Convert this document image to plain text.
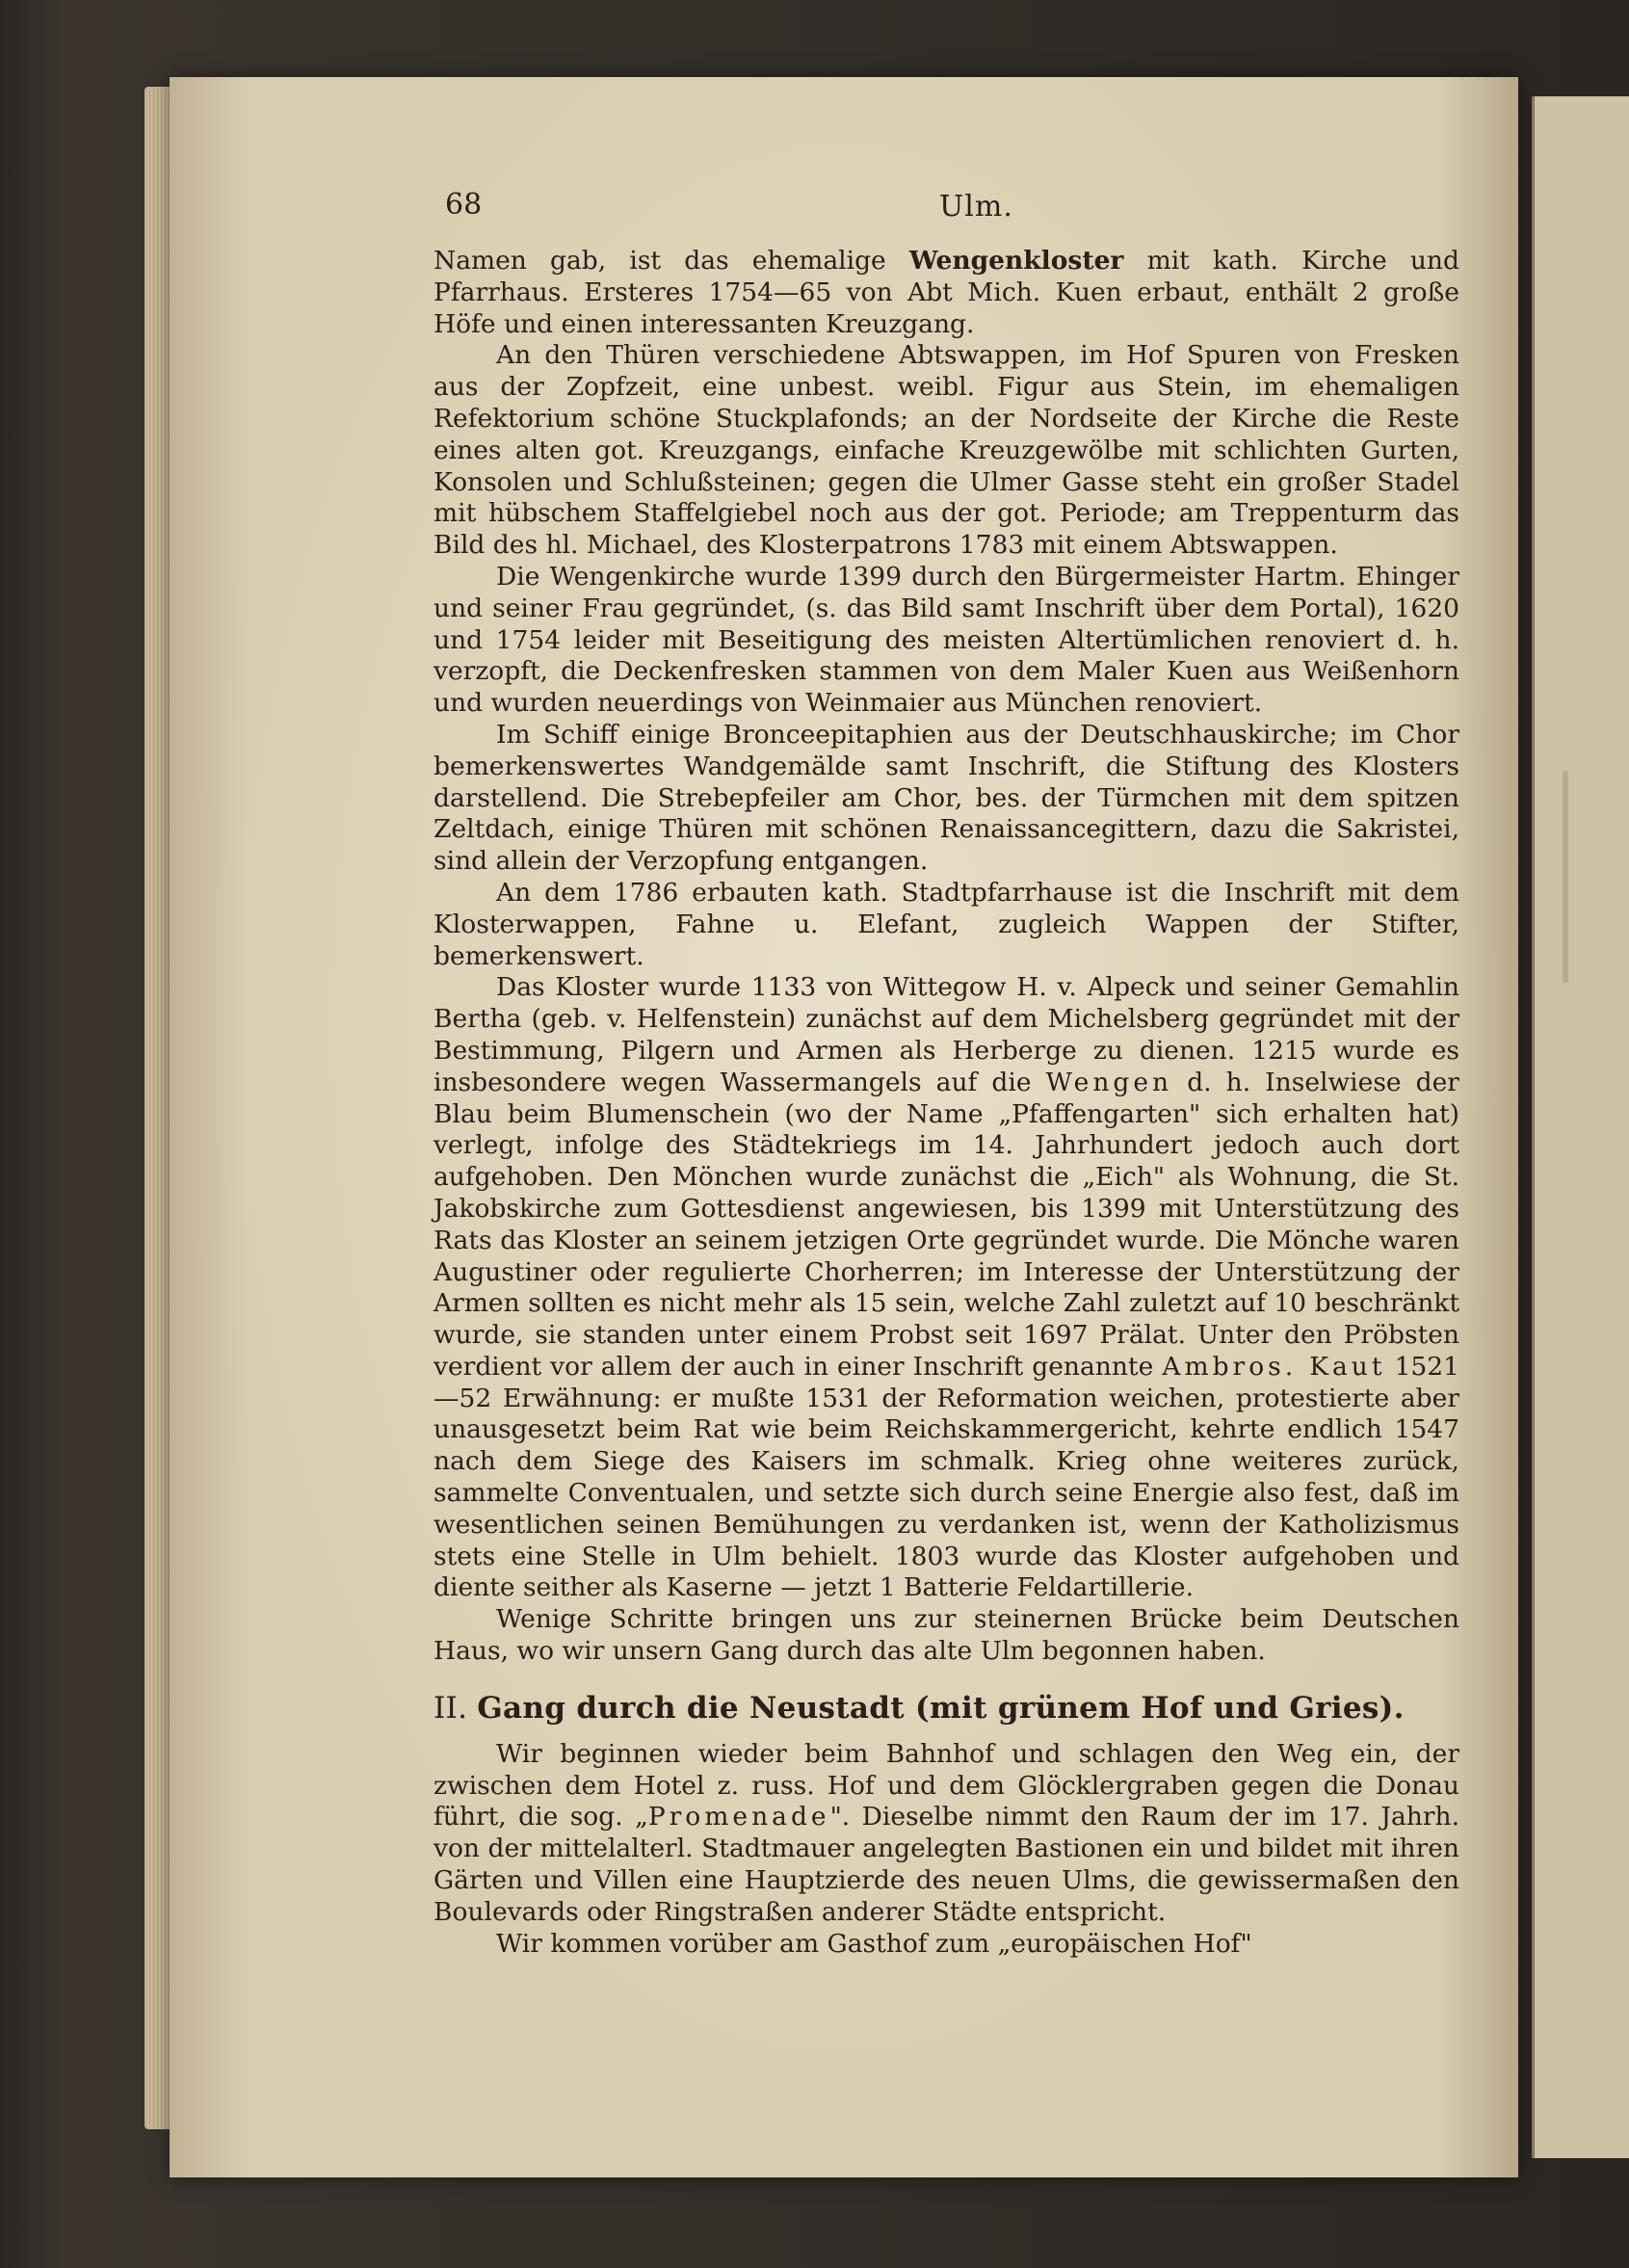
68	Ulm.

Namen gab, ist das ehemalige Wengenkloster mit kath. Kirche und Pfarrhaus. Ersteres 1754—65 von Abt Mich. Kuen erbaut, enthält 2 große Höfe und einen interessanten Kreuzgang.

An den Thüren verschiedene Abtswappen, im Hof Spuren von Fresken aus der Zopfzeit, eine unbest. weibl. Figur aus Stein, im ehemaligen Refektorium schöne Stuckplafonds; an der Nordseite der Kirche die Reste eines alten got. Kreuzgangs, einfache Kreuzgewölbe mit schlichten Gurten, Konsolen und Schlußsteinen; gegen die Ulmer Gasse steht ein großer Stadel mit hübschem Staffelgiebel noch aus der got. Periode; am Treppenturm das Bild des hl. Michael, des Klosterpatrons 1783 mit einem Abtswappen.

Die Wengenkirche wurde 1399 durch den Bürgermeister Hartm. Ehinger und seiner Frau gegründet, (s. das Bild samt Inschrift über dem Portal), 1620 und 1754 leider mit Beseitigung des meisten Altertümlichen renoviert d. h. verzopft, die Deckenfresken stammen von dem Maler Kuen aus Weißenhorn und wurden neuerdings von Weinmaier aus München renoviert.

Im Schiff einige Bronceepitaphien aus der Deutschhauskirche; im Chor bemerkenswertes Wandgemälde samt Inschrift, die Stiftung des Klosters darstellend. Die Strebepfeiler am Chor, bes. der Türmchen mit dem spitzen Zeltdach, einige Thüren mit schönen Renaissancegittern, dazu die Sakristei, sind allein der Verzopfung entgangen.

An dem 1786 erbauten kath. Stadtpfarrhause ist die Inschrift mit dem Klosterwappen, Fahne u. Elefant, zugleich Wappen der Stifter, bemerkenswert.

Das Kloster wurde 1133 von Wittegow H. v. Alpeck und seiner Gemahlin Bertha (geb. v. Helfenstein) zunächst auf dem Michelsberg gegründet mit der Bestimmung, Pilgern und Armen als Herberge zu dienen. 1215 wurde es insbesondere wegen Wassermangels auf die Wengen d. h. Inselwiese der Blau beim Blumenschein (wo der Name „Pfaffengarten" sich erhalten hat) verlegt, infolge des Städtekriegs im 14. Jahrhundert jedoch auch dort aufgehoben. Den Mönchen wurde zunächst die „Eich" als Wohnung, die St. Jakobskirche zum Gottesdienst angewiesen, bis 1399 mit Unterstützung des Rats das Kloster an seinem jetzigen Orte gegründet wurde. Die Mönche waren Augustiner oder regulierte Chorherren; im Interesse der Unterstützung der Armen sollten es nicht mehr als 15 sein, welche Zahl zuletzt auf 10 beschränkt wurde, sie standen unter einem Probst seit 1697 Prälat. Unter den Pröbsten verdient vor allem der auch in einer Inschrift genannte Ambros. Kaut 1521—52 Erwähnung: er mußte 1531 der Reformation weichen, protestierte aber unausgesetzt beim Rat wie beim Reichskammergericht, kehrte endlich 1547 nach dem Siege des Kaisers im schmalk. Krieg ohne weiteres zurück, sammelte Conventualen, und setzte sich durch seine Energie also fest, daß im wesentlichen seinen Bemühungen zu verdanken ist, wenn der Katholizismus stets eine Stelle in Ulm behielt. 1803 wurde das Kloster aufgehoben und diente seither als Kaserne — jetzt 1 Batterie Feldartillerie.

Wenige Schritte bringen uns zur steinernen Brücke beim Deutschen Haus, wo wir unsern Gang durch das alte Ulm begonnen haben.

II. Gang durch die Neustadt (mit grünem Hof und Gries).

Wir beginnen wieder beim Bahnhof und schlagen den Weg ein, der zwischen dem Hotel z. russ. Hof und dem Glöcklergraben gegen die Donau führt, die sog. „Promenade". Dieselbe nimmt den Raum der im 17. Jahrh. von der mittelalterl. Stadtmauer angelegten Bastionen ein und bildet mit ihren Gärten und Villen eine Hauptzierde des neuen Ulms, die gewissermaßen den Boulevards oder Ringstraßen anderer Städte entspricht.

Wir kommen vorüber am Gasthof zum „europäischen Hof"
